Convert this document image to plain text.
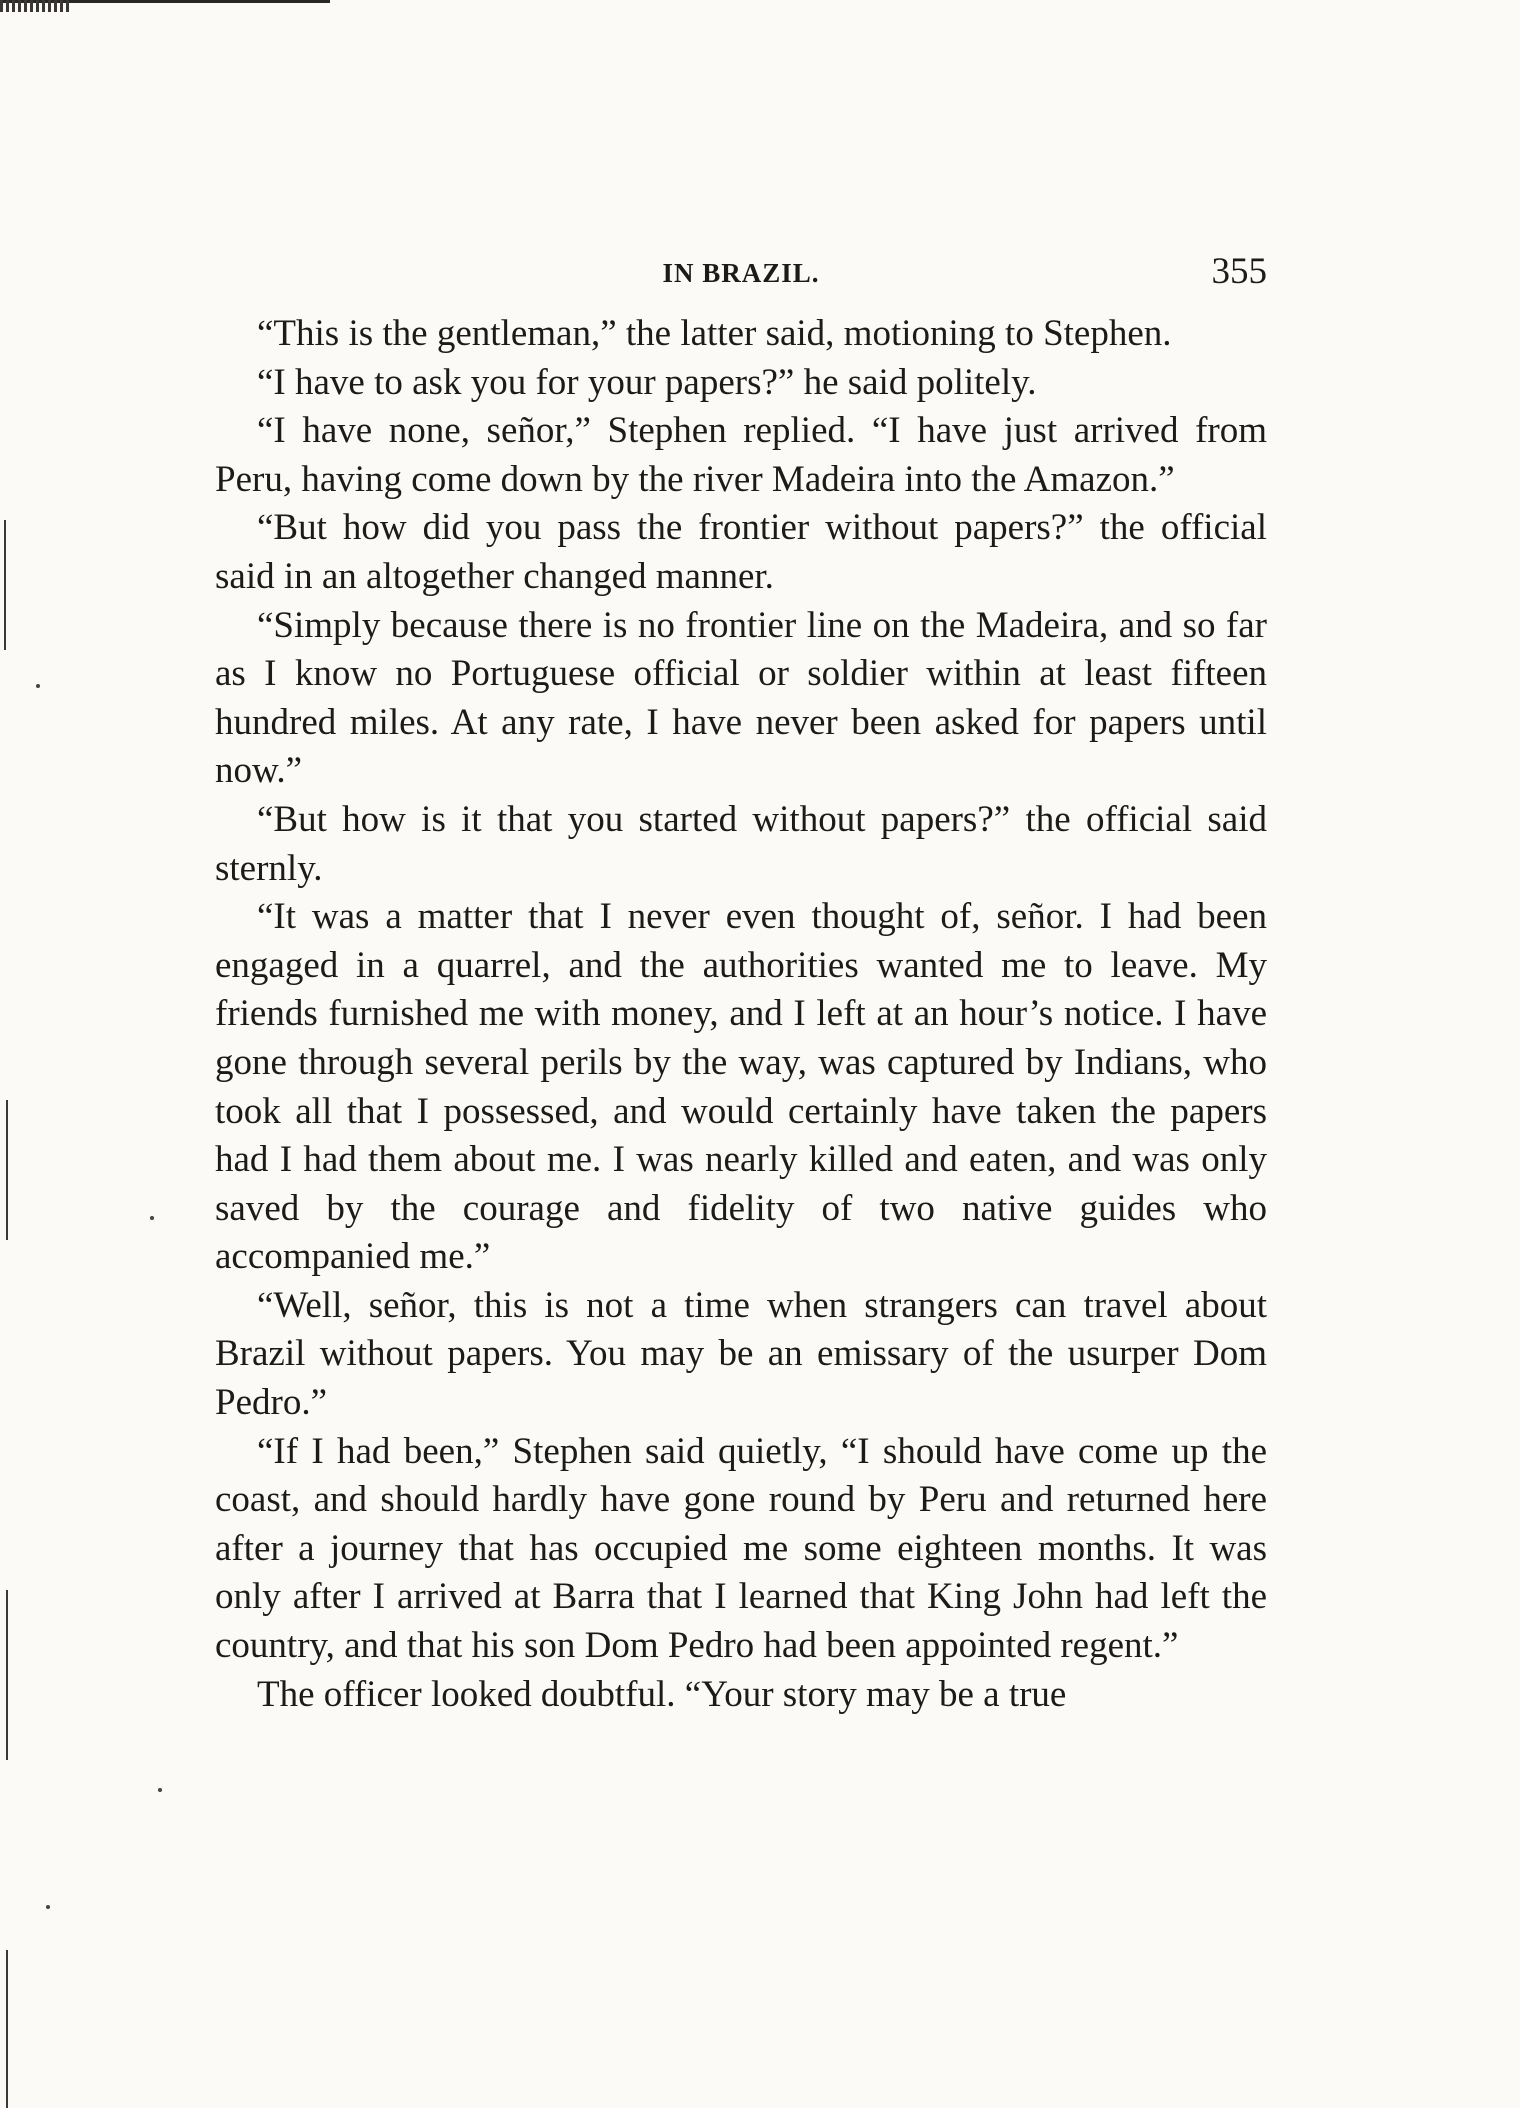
IN BRAZIL.	355

“This is the gentleman,” the latter said, motioning to Stephen.

“I have to ask you for your papers?” he said politely.

“I have none, señor,” Stephen replied. “I have just arrived from Peru, having come down by the river Madeira into the Amazon.”

“But how did you pass the frontier without papers?” the official said in an altogether changed manner.

“Simply because there is no frontier line on the Madeira, and so far as I know no Portuguese official or soldier within at least fifteen hundred miles. At any rate, I have never been asked for papers until now.”

“But how is it that you started without papers?” the official said sternly.

“It was a matter that I never even thought of, señor. I had been engaged in a quarrel, and the authorities wanted me to leave. My friends furnished me with money, and I left at an hour’s notice. I have gone through several perils by the way, was captured by Indians, who took all that I possessed, and would certainly have taken the papers had I had them about me. I was nearly killed and eaten, and was only saved by the courage and fidelity of two native guides who accompanied me.”

“Well, señor, this is not a time when strangers can travel about Brazil without papers. You may be an emissary of the usurper Dom Pedro.”

“If I had been,” Stephen said quietly, “I should have come up the coast, and should hardly have gone round by Peru and returned here after a journey that has occupied me some eighteen months. It was only after I arrived at Barra that I learned that King John had left the country, and that his son Dom Pedro had been appointed regent.”

The officer looked doubtful. “Your story may be a true
